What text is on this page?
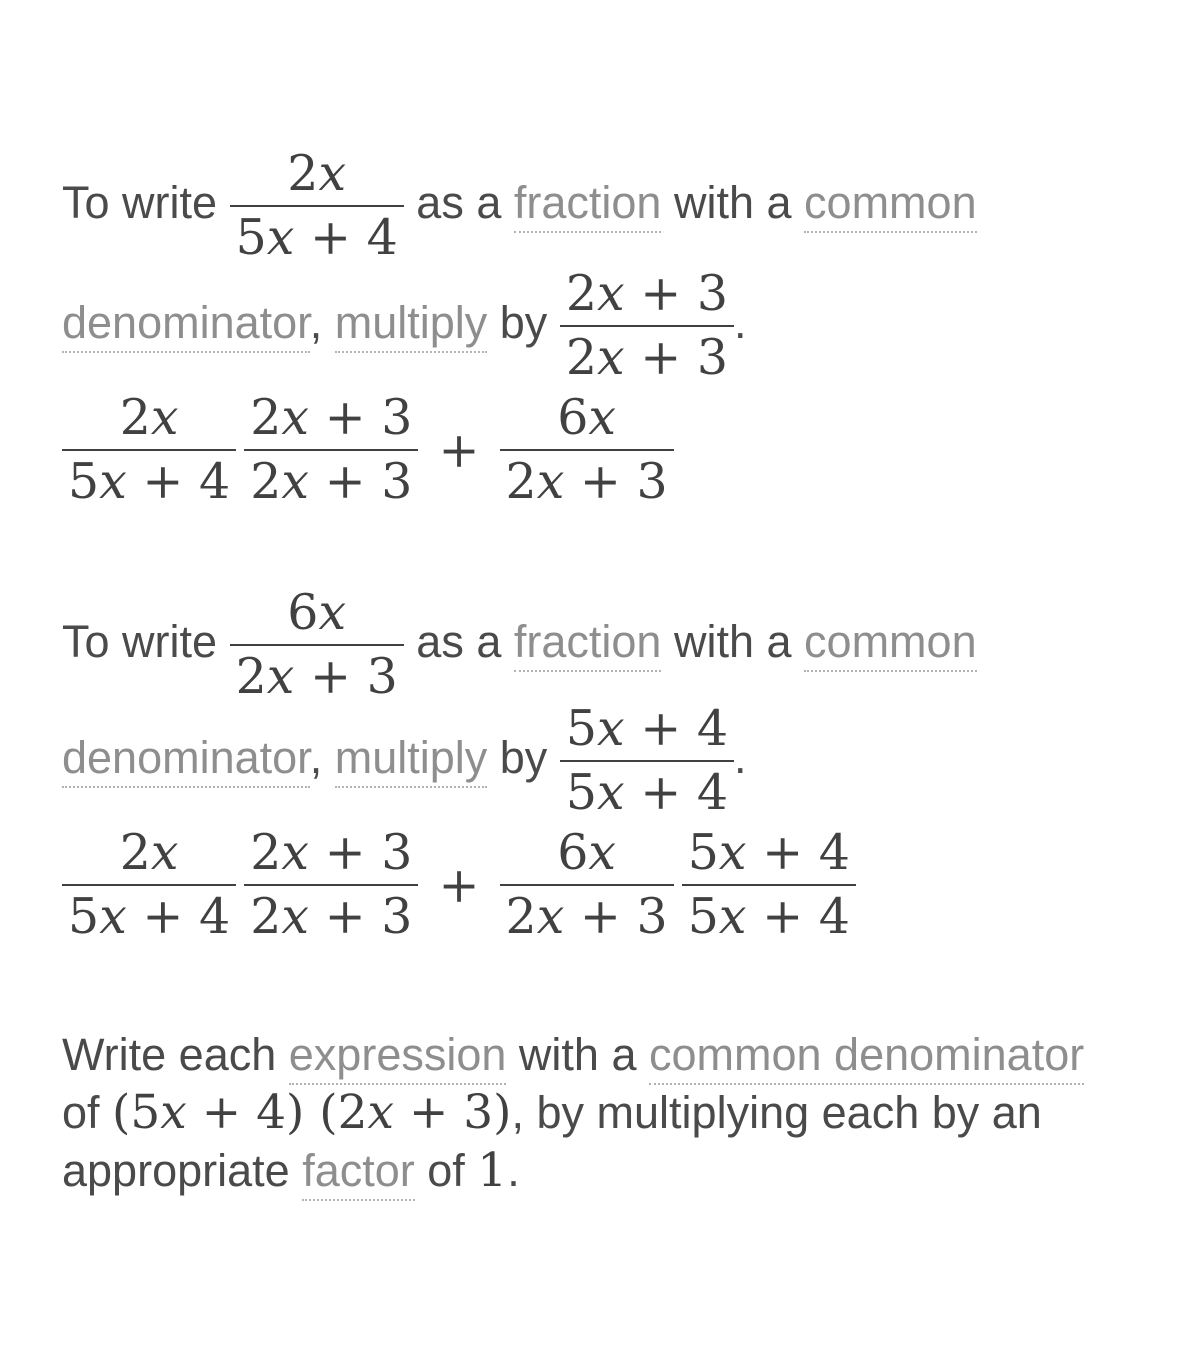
To write $\frac{2x}{5x + 4}$ as a fraction with a common
denominator, multiply by $\frac{2x + 3}{2x + 3}$ .
$\frac{2x}{5x + 4} \frac{2x + 3}{2x + 3} + \frac{6x}{2x + 3}$
To write $\frac{6x}{2x + 3}$ as a fraction with a common
denominator, multiply by $\frac{5x + 4}{5x + 4}$ .
$\frac{2x}{5x + 4} \frac{2x + 3}{2x + 3} + \frac{6x}{2x + 3} \frac{5x + 4}{5x + 4}$
Write each expression with a common denominator
of (5x + 4) (2x + 3), by multiplying each by an
appropriate factor of 1.
